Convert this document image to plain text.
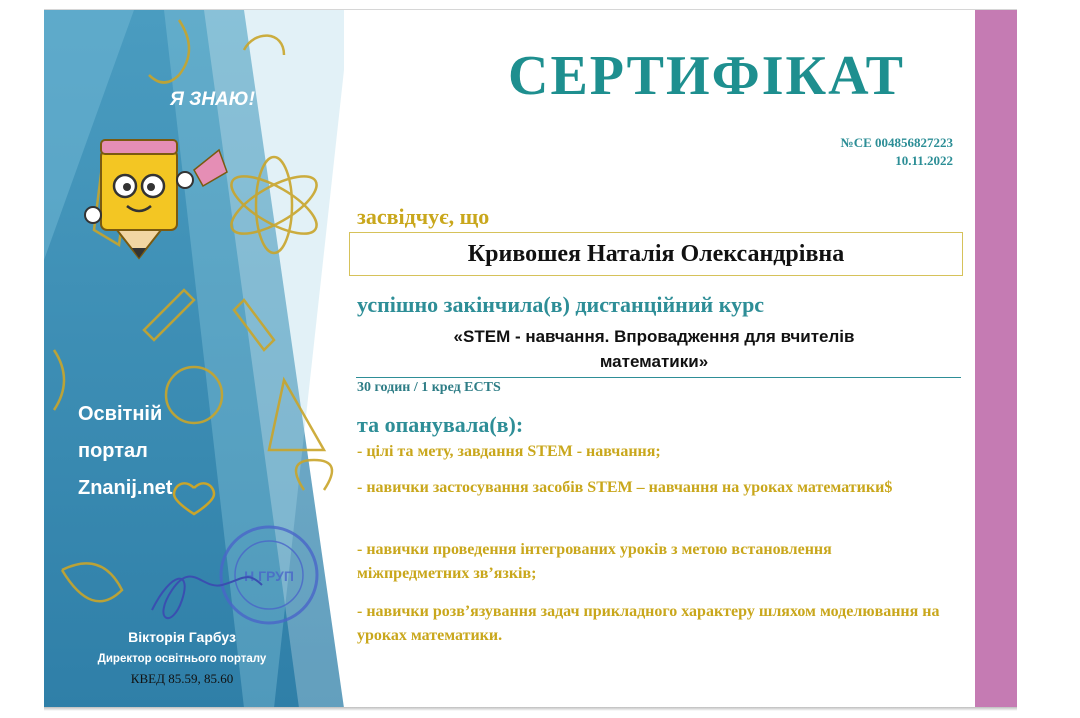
Я ЗНАЮ!
Освітній
портал
Znanij.net
Н ГРУП
Вікторія Гарбуз
Директор освітнього порталу
КВЕД 85.59, 85.60
СЕРТИФІКАТ
№СЕ 004856827223
10.11.2022
засвідчує, що
Кривошея Наталія Олександрівна
успішно закінчила(в) дистанційний курс
«STEM - навчання. Впровадження для вчителів
математики»
30 годин / 1 кред ECTS
та опанувала(в):
- цілі та мету, завдання STEM - навчання;
- навички застосування засобів STEM – навчання на уроках математики$
- навички проведення інтегрованих уроків з метою встановлення міжпредметних зв’язків;
- навички розв’язування задач прикладного характеру шляхом моделювання на уроках математики.
